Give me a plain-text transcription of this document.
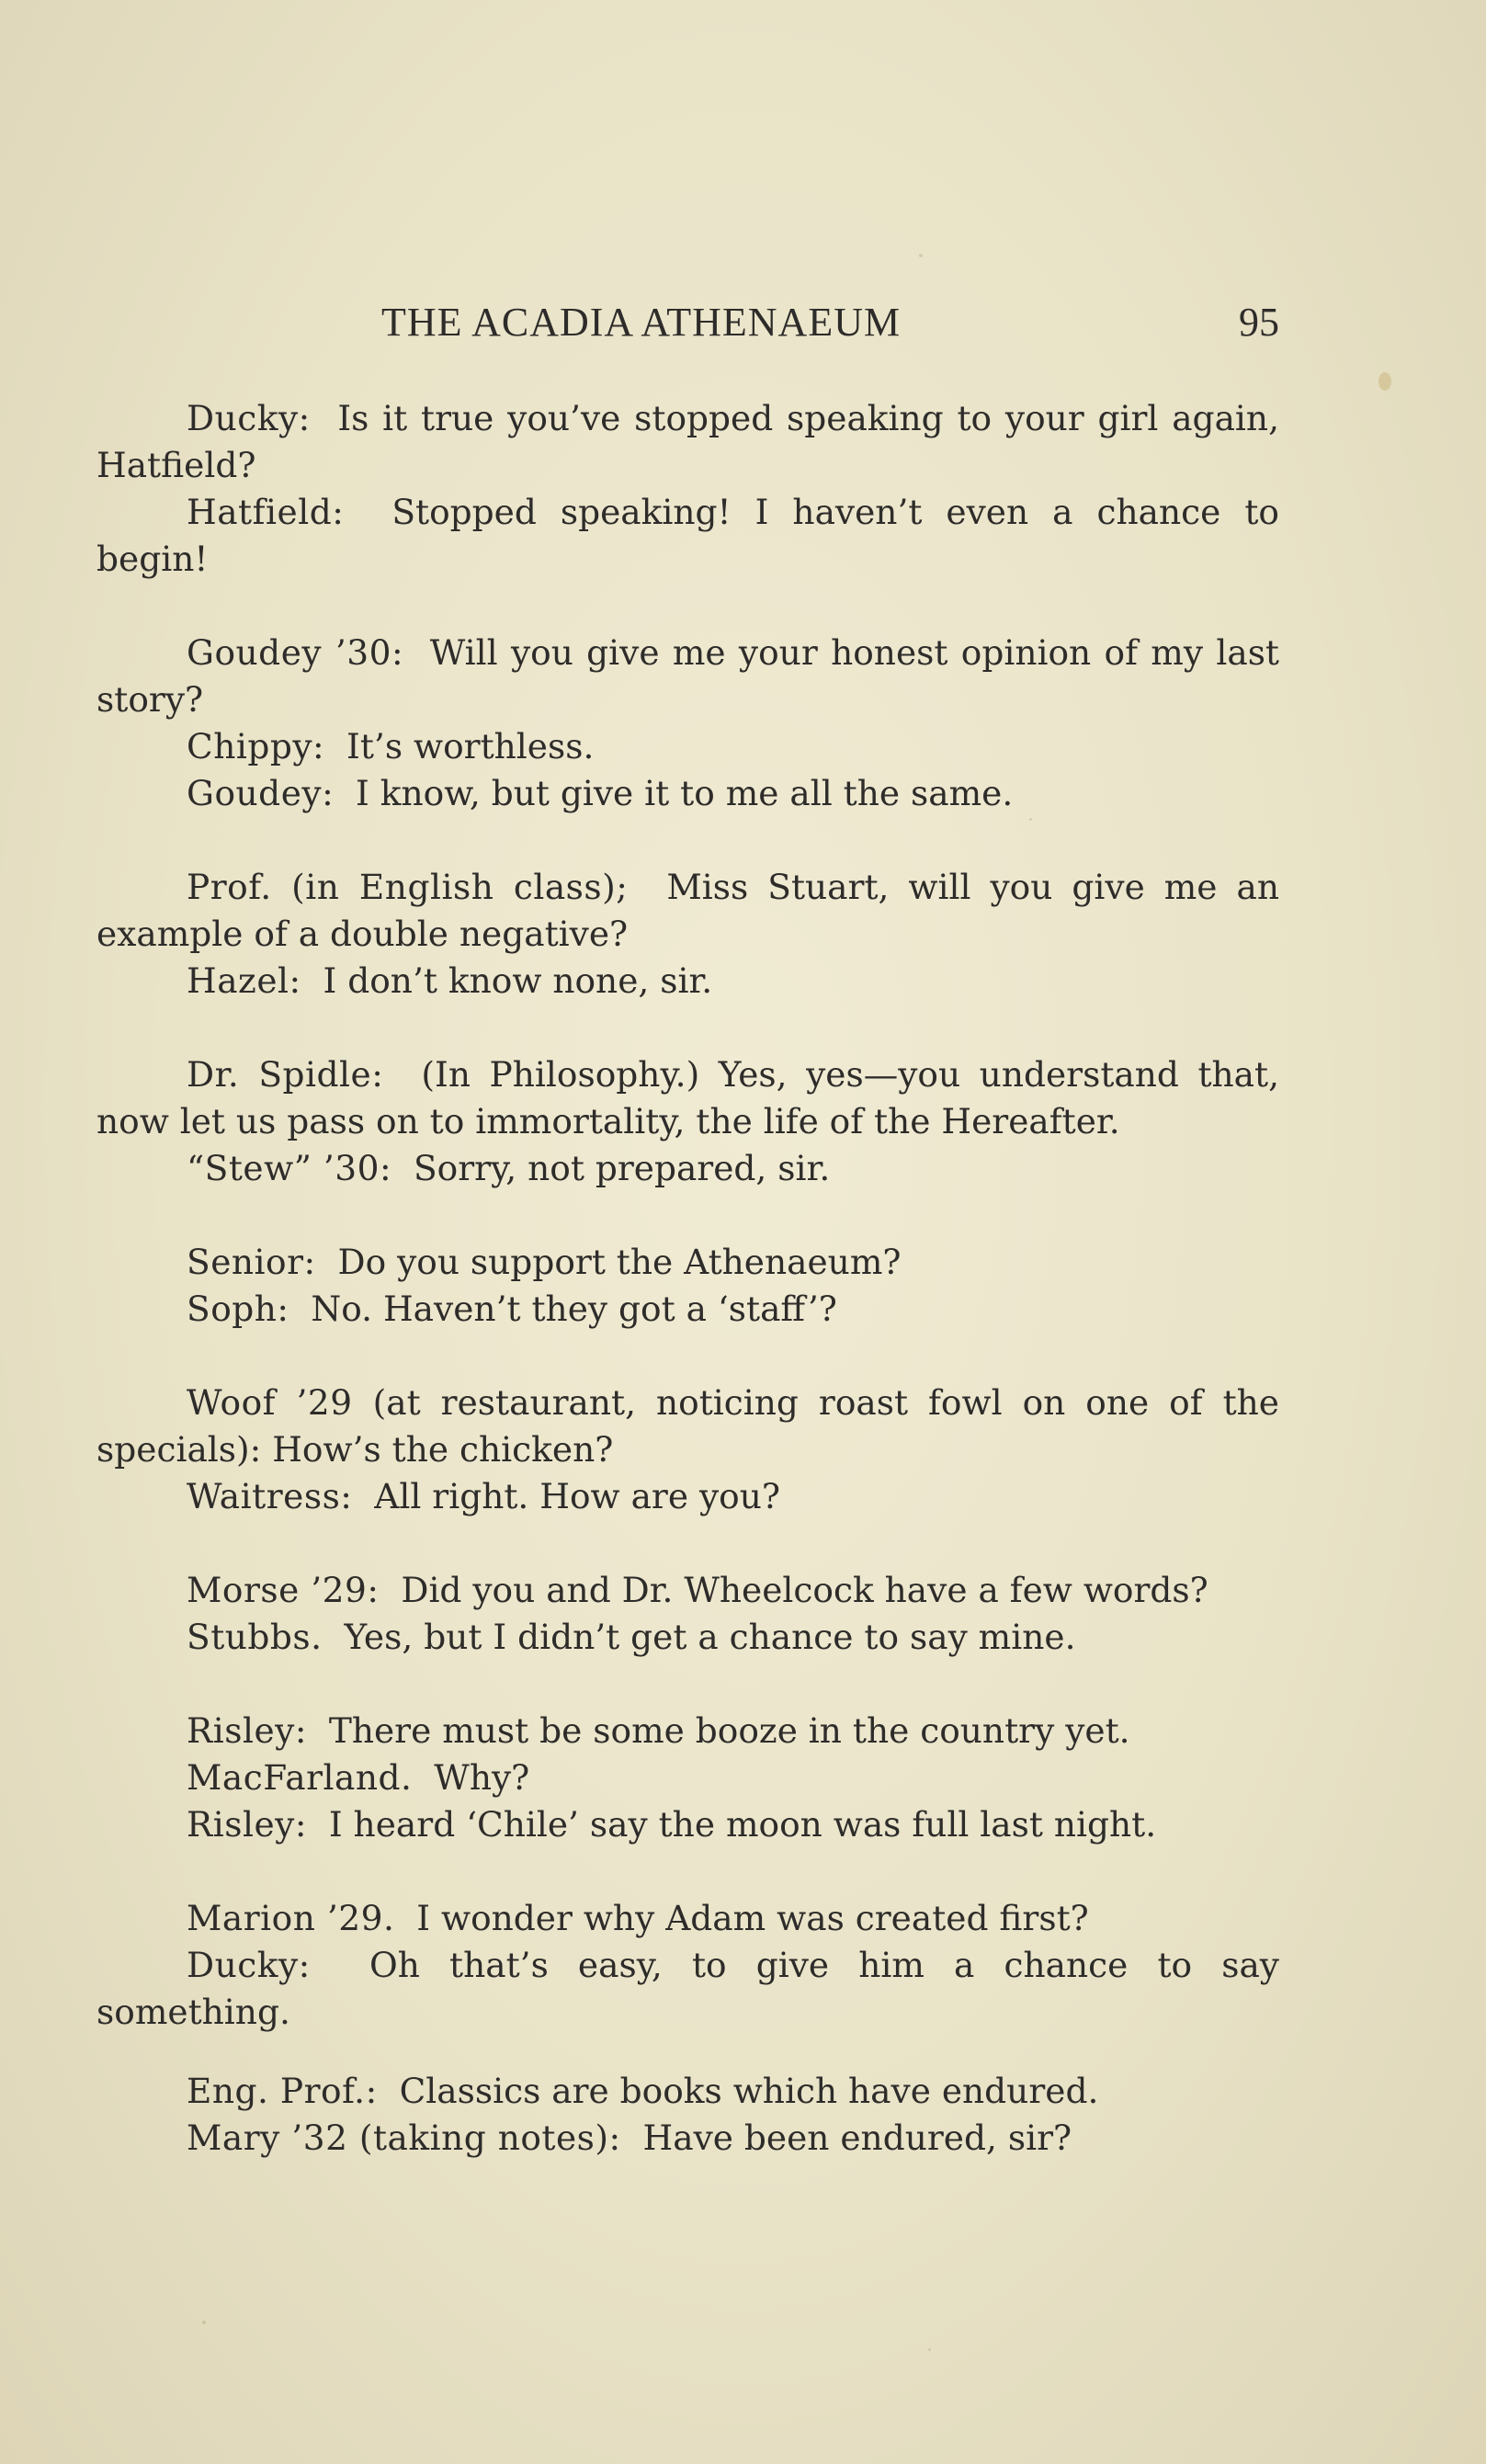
THE ACADIA ATHENAEUM	95

Ducky: Is it true you’ve stopped speaking to your girl again, Hatfield?

Hatfield: Stopped speaking! I haven’t even a chance to begin!

Goudey ’30: Will you give me your honest opinion of my last story?

Chippy: It’s worthless.

Goudey: I know, but give it to me all the same.

Prof. (in English class); Miss Stuart, will you give me an example of a double negative?

Hazel: I don’t know none, sir.

Dr. Spidle: (In Philosophy.) Yes, yes—you understand that, now let us pass on to immortality, the life of the Hereafter.

“Stew” ’30: Sorry, not prepared, sir.

Senior: Do you support the Athenaeum?

Soph: No. Haven’t they got a ‘staff’?

Woof ’29 (at restaurant, noticing roast fowl on one of the specials): How’s the chicken?

Waitress: All right. How are you?

Morse ’29: Did you and Dr. Wheelcock have a few words?

Stubbs. Yes, but I didn’t get a chance to say mine.

Risley: There must be some booze in the country yet.

MacFarland. Why?

Risley: I heard ‘Chile’ say the moon was full last night.

Marion ’29. I wonder why Adam was created first?

Ducky: Oh that’s easy, to give him a chance to say something.

Eng. Prof.: Classics are books which have endured.

Mary ’32 (taking notes): Have been endured, sir?
